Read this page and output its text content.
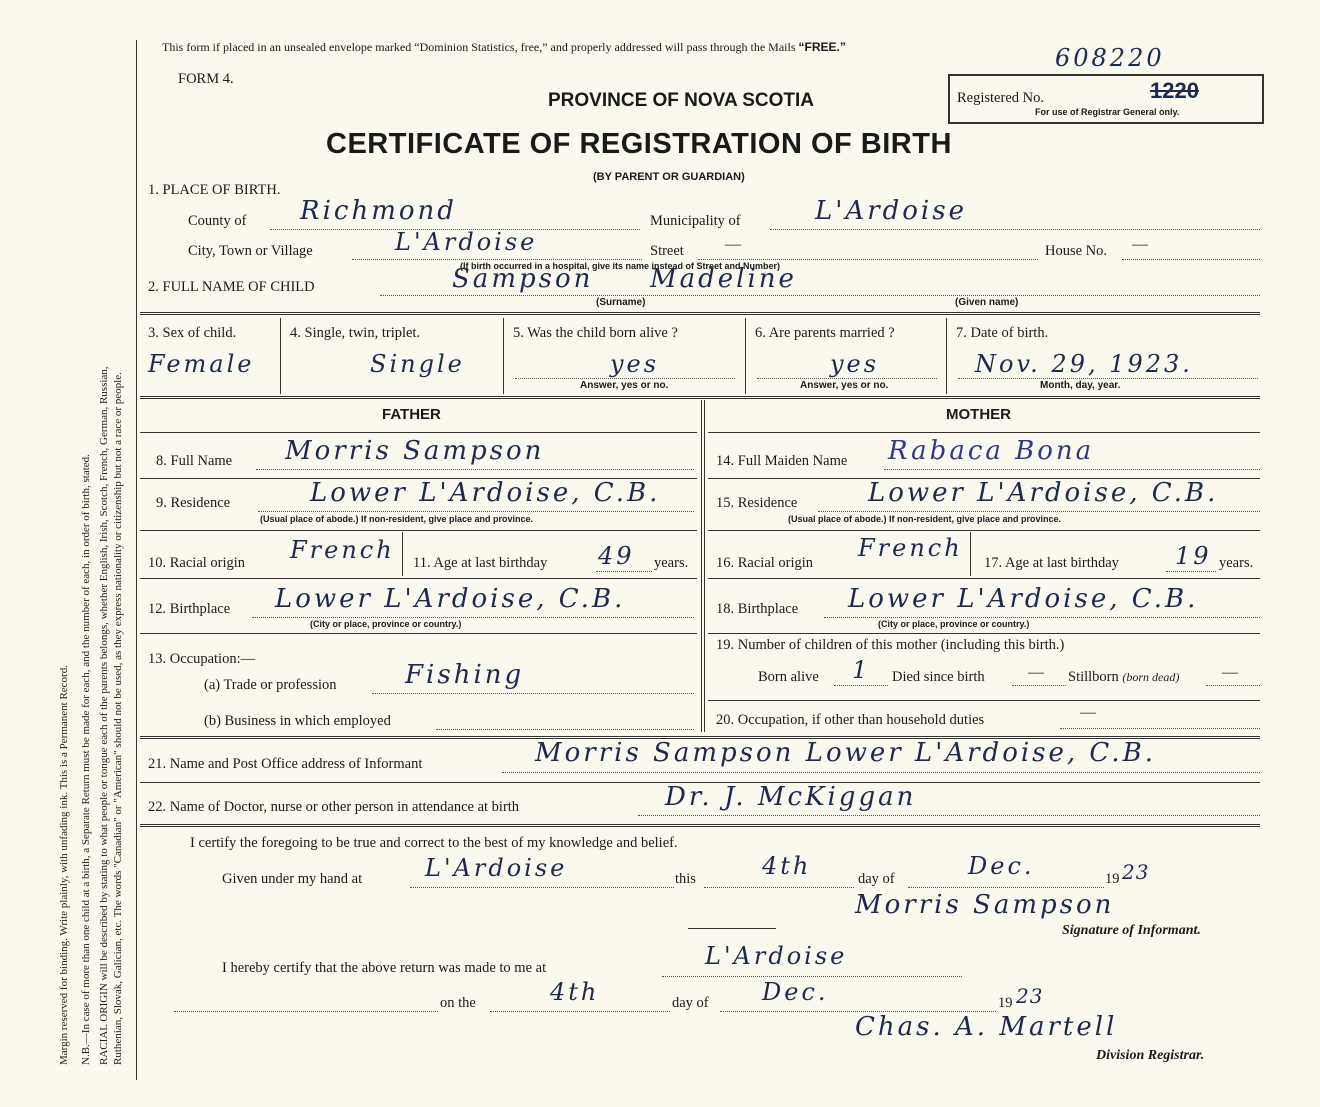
Margin reserved for binding. Write plainly, with unfading ink. This is a Permanent Record. N.B.—In case of more than one child at a birth, a Separate Return must be made for each, and the number of each, in order of birth, stated. RACIAL ORIGIN will be described by stating to what people or tongue each of the parents belongs, whether English, Irish, Scotch, French, German, Russian, Ruthenian, Slovak, Galician, etc. The words "Canadian" or "American" should not be used, as they express nationality or citizenship but not a race or people.
This form if placed in an unsealed envelope marked “Dominion Statistics, free,” and properly addressed will pass through the Mails “FREE.”
FORM 4.
PROVINCE OF NOVA SCOTIA
CERTIFICATE OF REGISTRATION OF BIRTH
(BY PARENT OR GUARDIAN)
Registered No.	1220
608220
For use of Registrar General only.
1. PLACE OF BIRTH.
County of Richmond	Municipality of	L'Ardoise
City, Town or Village	L'Ardoise	Street	—	House No. —
(If birth occurred in a hospital, give its name instead of Street and Number)
2. FULL NAME OF CHILD	Sampson Madeline
(Surname)	(Given name)
3. Sex of child.
Female
4. Single, twin, triplet.
Single
5. Was the child born alive ?
yes
Answer, yes or no.
6. Are parents married ?
yes
Answer, yes or no.
7. Date of birth.
Nov. 29, 1923.
Month, day, year.
FATHER
8. Full Name Morris Sampson
9. Residence	Lower L'Ardoise, C.B.
(Usual place of abode.) If non-resident, give place and province.
10. Racial origin French 11. Age at last birthday 49 years.
12. Birthplace Lower L'Ardoise, C.B.
(City or place, province or country.)
13. Occupation:—
(a) Trade or profession	Fishing
(b) Business in which employed
MOTHER
14. Full Maiden Name Rabaca Bona
15. Residence	Lower L'Ardoise, C.B.
(Usual place of abode.) If non-resident, give place and province.
16. Racial origin
French
17. Age at last birthday 19 years.
18. Birthplace Lower L'Ardoise, C.B.
(City or place, province or country.)
19. Number of children of this mother (including this birth.)
Born alive 1 Died since birth	— Stillborn (born dead)	—
20. Occupation, if other than household duties	—
21. Name and Post Office address of Informant	Morris Sampson Lower L'Ardoise, C.B.
22. Name of Doctor, nurse or other person in attendance at birth	Dr. J. McKiggan
I certify the foregoing to be true and correct to the best of my knowledge and belief.
Given under my hand at	L'Ardoise	this	4th	day of	Dec.	19 23
Morris Sampson
Signature of Informant.
I hereby certify that the above return was made to me at	L'Ardoise
on the	4th	day of Dec.	19 23
Chas. A. Martell
Division Registrar.
